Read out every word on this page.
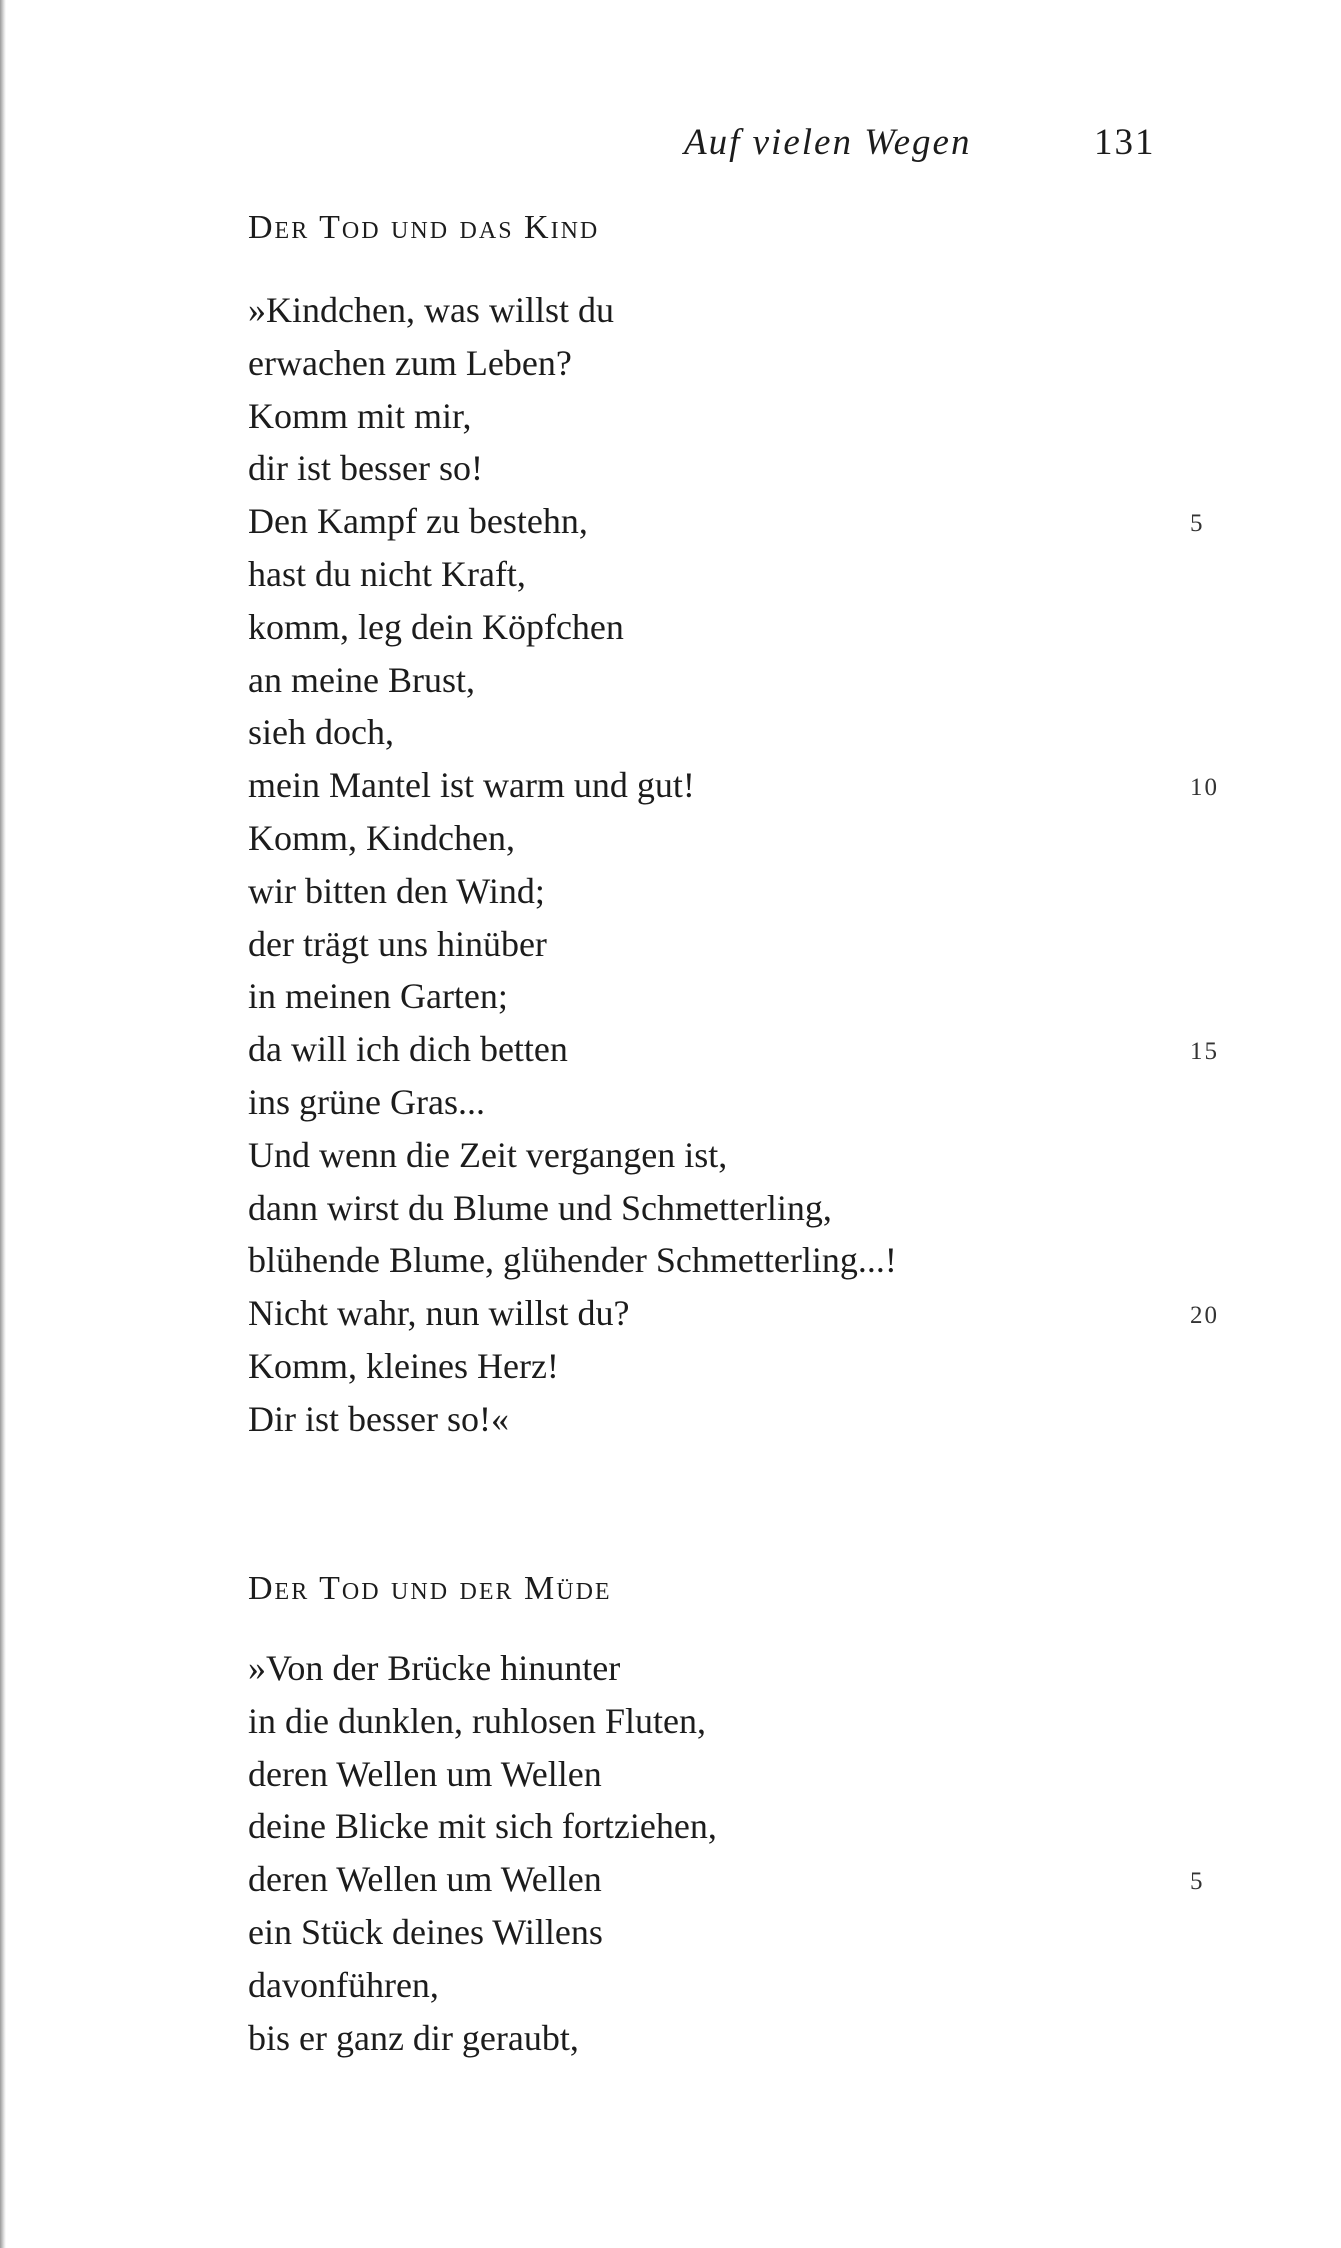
Auf vielen Wegen	131
Der Tod und das Kind
»Kindchen, was willst du
erwachen zum Leben?
Komm mit mir,
dir ist besser so!
Den Kampf zu bestehn,	5
hast du nicht Kraft,
komm, leg dein Köpfchen
an meine Brust,
sieh doch,
mein Mantel ist warm und gut!	10
Komm, Kindchen,
wir bitten den Wind;
der trägt uns hinüber
in meinen Garten;
da will ich dich betten	15
ins grüne Gras...
Und wenn die Zeit vergangen ist,
dann wirst du Blume und Schmetterling,
blühende Blume, glühender Schmetterling...!
Nicht wahr, nun willst du?	20
Komm, kleines Herz!
Dir ist besser so!«
Der Tod und der Müde
»Von der Brücke hinunter
in die dunklen, ruhlosen Fluten,
deren Wellen um Wellen
deine Blicke mit sich fortziehen,
deren Wellen um Wellen	5
ein Stück deines Willens
davonführen,
bis er ganz dir geraubt,
